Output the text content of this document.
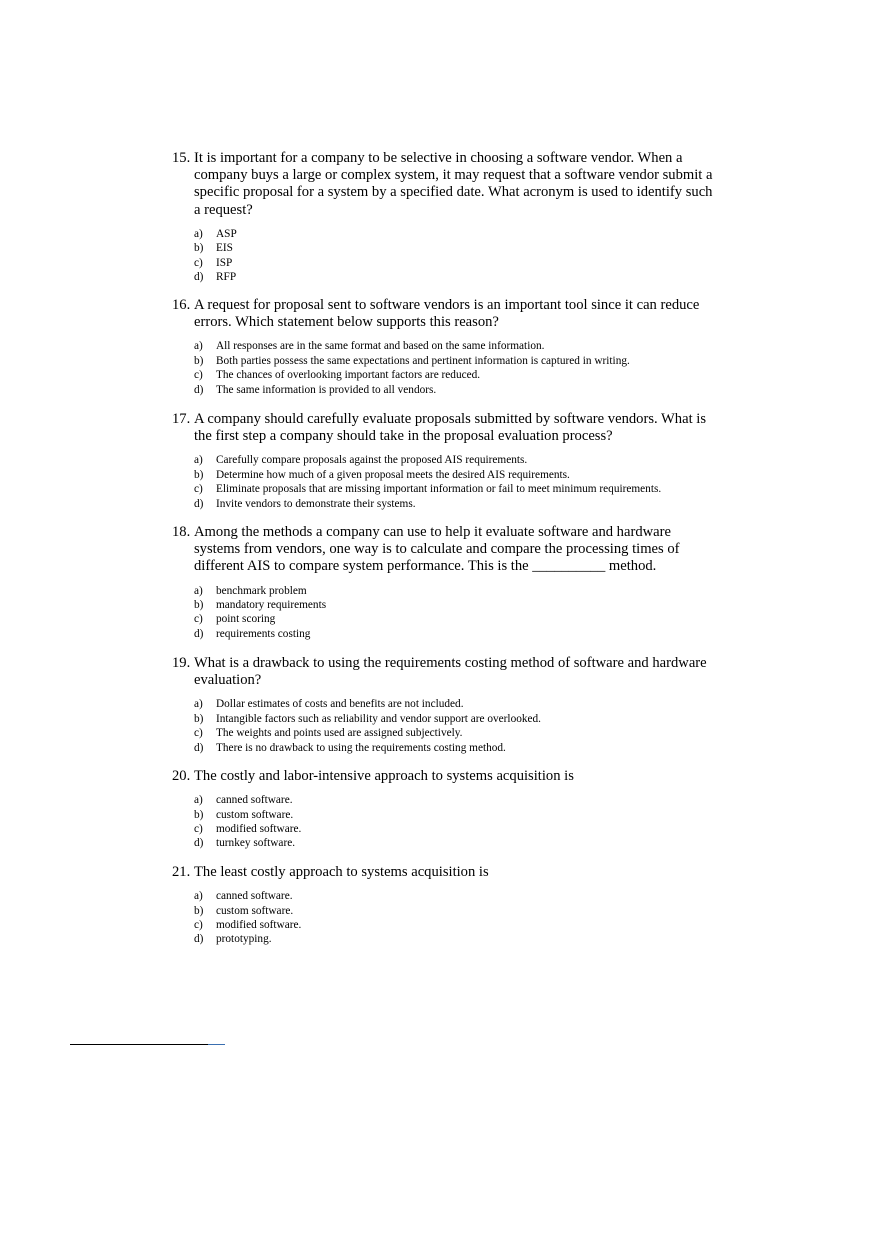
15. It is important for a company to be selective in choosing a software vendor. When a company buys a large or complex system, it may request that a software vendor submit a specific proposal for a system by a specified date. What acronym is used to identify such a request?
a)	ASP
b)	EIS
c)	ISP
d)	RFP
16. A request for proposal sent to software vendors is an important tool since it can reduce errors. Which statement below supports this reason?
a)	All responses are in the same format and based on the same information.
b)	Both parties possess the same expectations and pertinent information is captured in writing.
c)	The chances of overlooking important factors are reduced.
d)	The same information is provided to all vendors.
17. A company should carefully evaluate proposals submitted by software vendors. What is the first step a company should take in the proposal evaluation process?
a)	Carefully compare proposals against the proposed AIS requirements.
b)	Determine how much of a given proposal meets the desired AIS requirements.
c)	Eliminate proposals that are missing important information or fail to meet minimum requirements.
d)	Invite vendors to demonstrate their systems.
18. Among the methods a company can use to help it evaluate software and hardware systems from vendors, one way is to calculate and compare the processing times of different AIS to compare system performance. This is the __________ method.
a)	benchmark problem
b)	mandatory requirements
c)	point scoring
d)	requirements costing
19. What is a drawback to using the requirements costing method of software and hardware evaluation?
a)	Dollar estimates of costs and benefits are not included.
b)	Intangible factors such as reliability and vendor support are overlooked.
c)	The weights and points used are assigned subjectively.
d)	There is no drawback to using the requirements costing method.
20. The costly and labor-intensive approach to systems acquisition is
a)	canned software.
b)	custom software.
c)	modified software.
d)	turnkey software.
21. The least costly approach to systems acquisition is
a)	canned software.
b)	custom software.
c)	modified software.
d)	prototyping.
